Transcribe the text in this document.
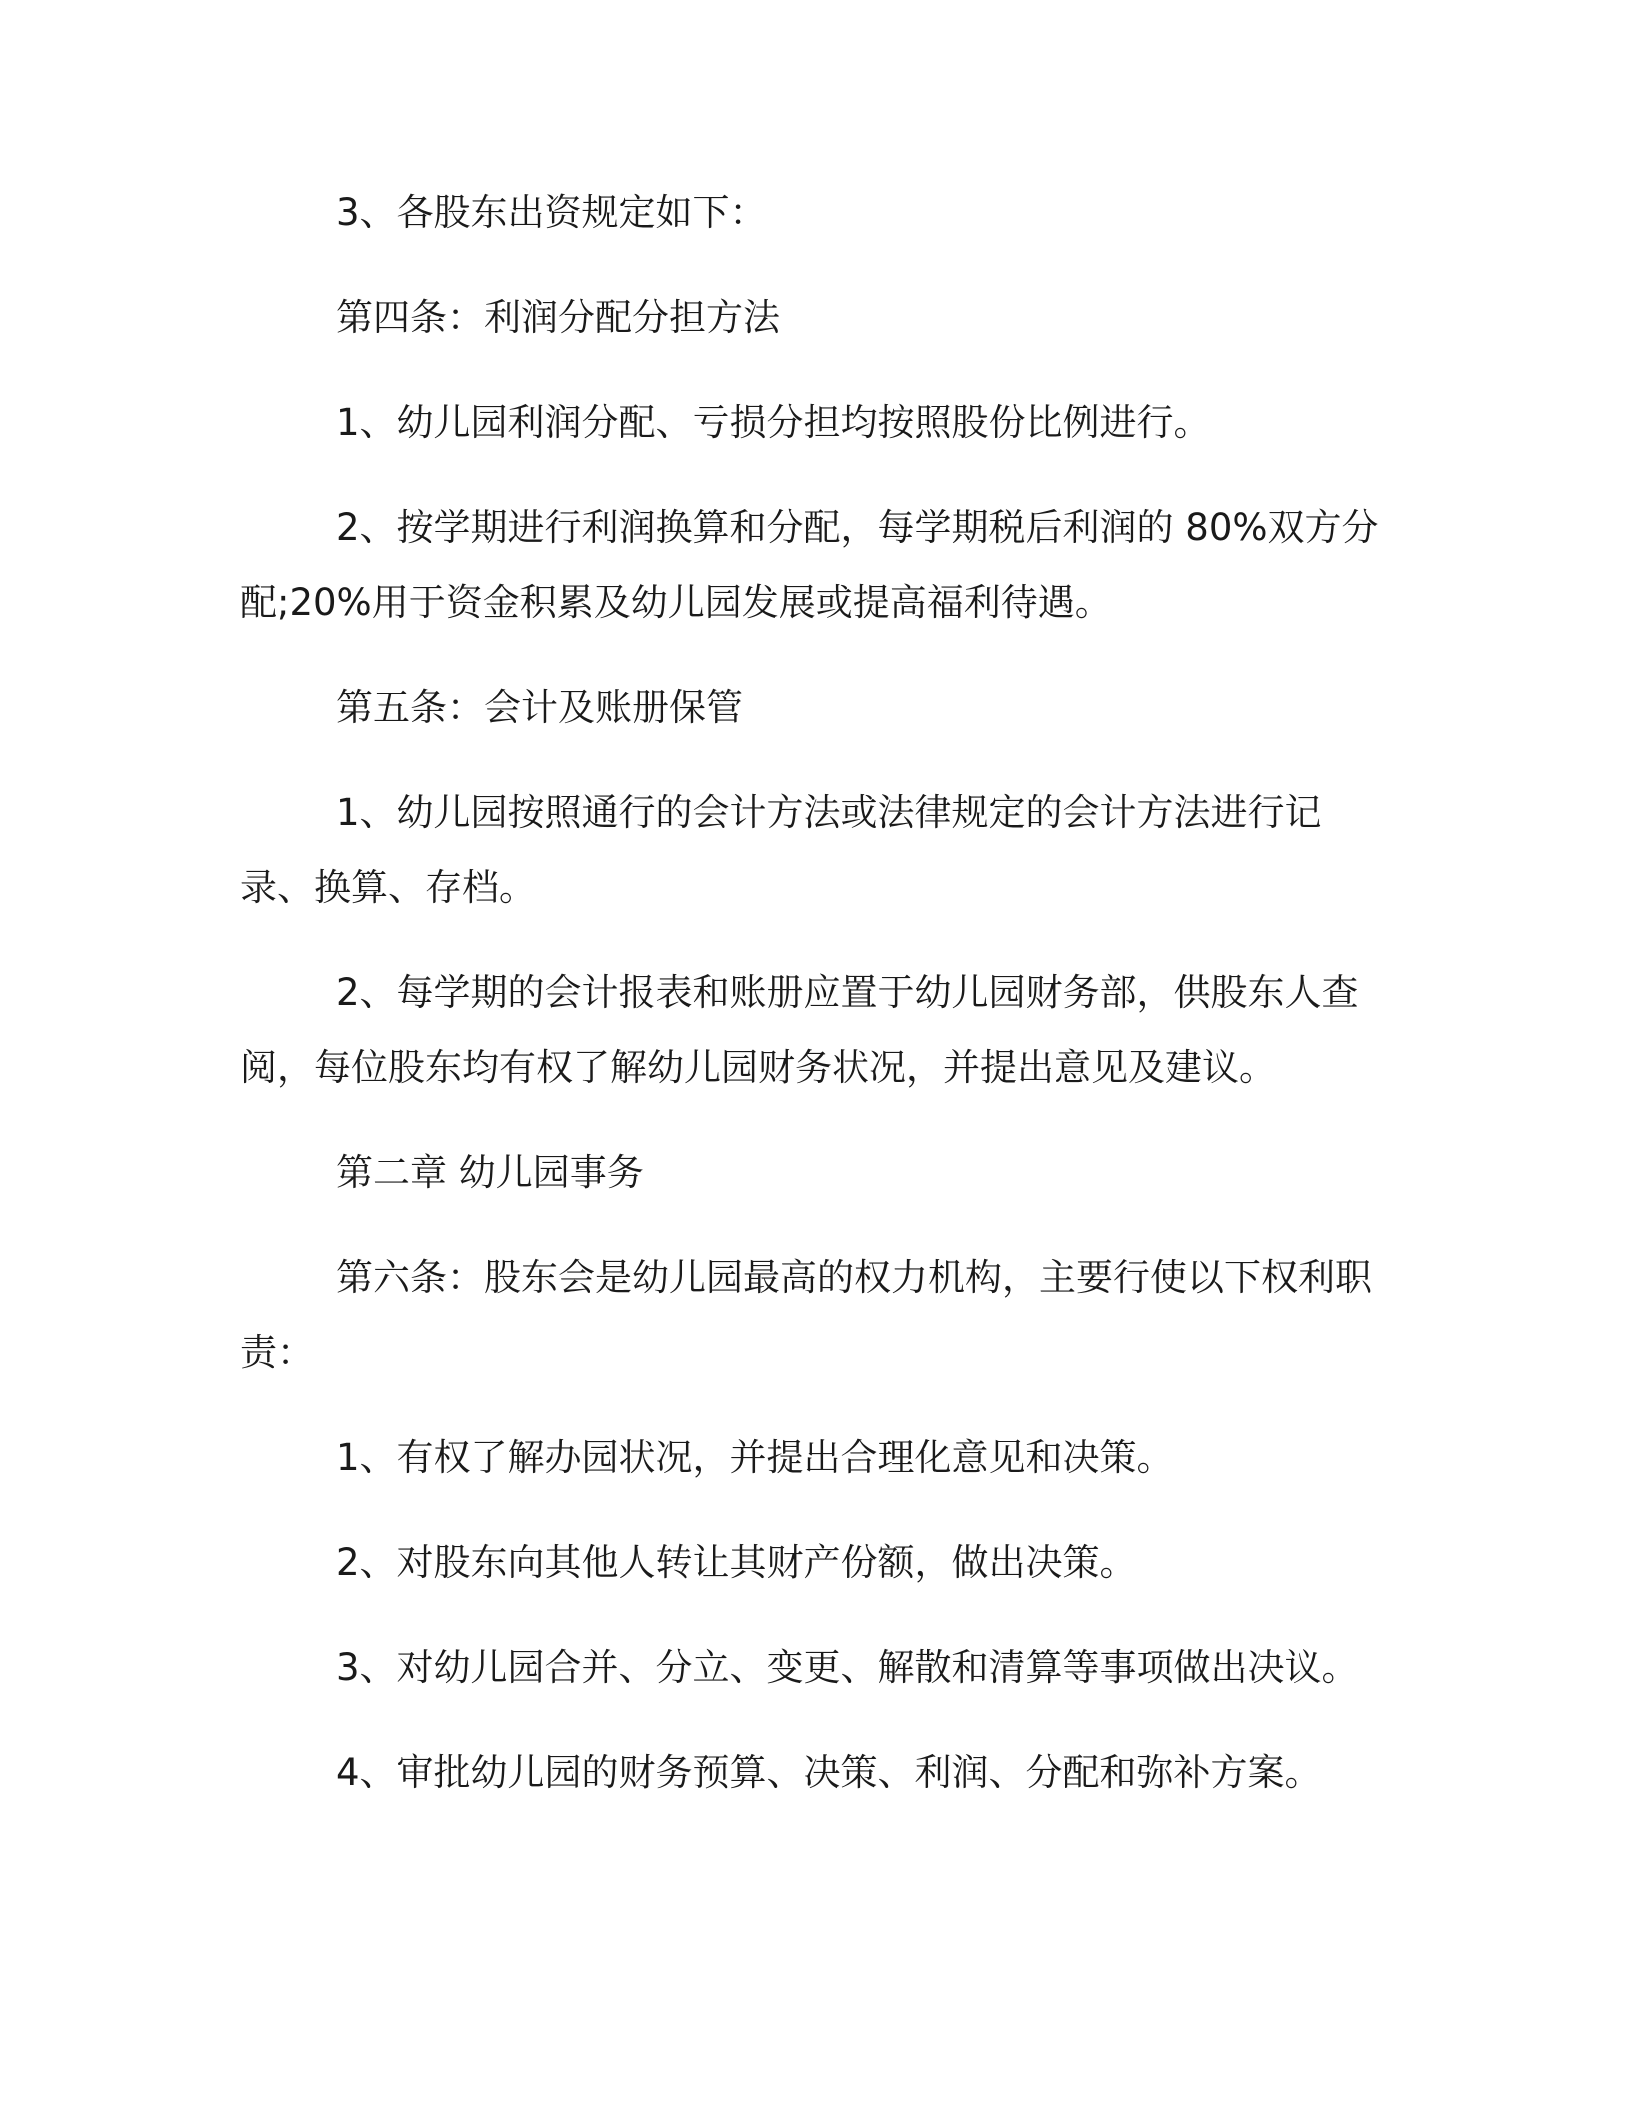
3、各股东出资规定如下：

第四条：利润分配分担方法

1、幼儿园利润分配、亏损分担均按照股份比例进行。

2、按学期进行利润换算和分配，每学期税后利润的 80%双方分配;20%用于资金积累及幼儿园发展或提高福利待遇。

第五条：会计及账册保管

1、幼儿园按照通行的会计方法或法律规定的会计方法进行记录、换算、存档。

2、每学期的会计报表和账册应置于幼儿园财务部，供股东人查阅，每位股东均有权了解幼儿园财务状况，并提出意见及建议。

第二章 幼儿园事务

第六条：股东会是幼儿园最高的权力机构，主要行使以下权利职责：

1、有权了解办园状况，并提出合理化意见和决策。

2、对股东向其他人转让其财产份额，做出决策。

3、对幼儿园合并、分立、变更、解散和清算等事项做出决议。

4、审批幼儿园的财务预算、决策、利润、分配和弥补方案。
